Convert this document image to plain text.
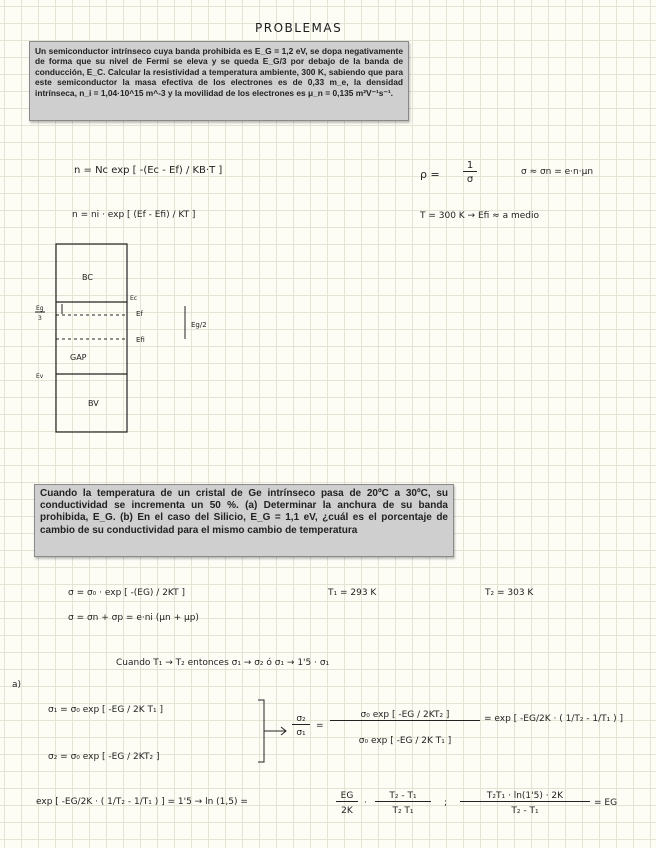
PROBLEMAS

Un semiconductor intrínseco cuya banda prohibida es E_G = 1,2 eV, se dopa negativamente de forma que su nivel de Fermi se eleva y se queda E_G/3 por debajo de la banda de conducción, E_C. Calcular la resistividad a temperatura ambiente, 300 K, sabiendo que para este semiconductor la masa efectiva de los electrones es de 0,33 m_e, la densidad intrínseca, n_i = 1,04·10^15 m^-3 y la movilidad de los electrones es μ_n = 0,135 m²V⁻¹s⁻¹.

n = Nc exp [ -(Ec - Ef) / KB·T ]
n = ni · exp [ (Ef - Efi) / KT ]
ρ =
1
σ
σ ≈ σn = e·n·μn
T = 300 K → Efi ≈ a medio
BC
GAP
BV
Ec
Ev
Ef
Efi
Eg
3
Eg/2

Cuando la temperatura de un cristal de Ge intrínseco pasa de 20ºC a 30ºC, su conductividad se incrementa un 50 %. (a) Determinar la anchura de su banda prohibida, E_G. (b) En el caso del Silicio, E_G = 1,1 eV, ¿cuál es el porcentaje de cambio de su conductividad para el mismo cambio de temperatura

σ = σ₀ · exp [ -(EG) / 2KT ]	T₁ = 293 K	T₂ = 303 K
σ = σn + σp = e·ni (μn + μp)
Cuando T₁ → T₂ entonces σ₁ → σ₂ ó σ₁ → 1'5 · σ₁
a)
σ₁ = σ₀ exp [ -EG / 2K T₁ ]
σ₂ = σ₀ exp [ -EG / 2KT₂ ]
σ₂
σ₁
=
σ₀ exp [ -EG / 2KT₂ ]
σ₀ exp [ -EG / 2K T₁ ]
= exp [ -EG/2K · ( 1/T₂ - 1/T₁ ) ]
exp [ -EG/2K · ( 1/T₂ - 1/T₁ ) ] = 1'5 → ln (1,5) =
EG
2K
·
T₂ - T₁
T₂ T₁
;
T₂T₁ · ln(1'5) · 2K
T₂ - T₁
= EG
